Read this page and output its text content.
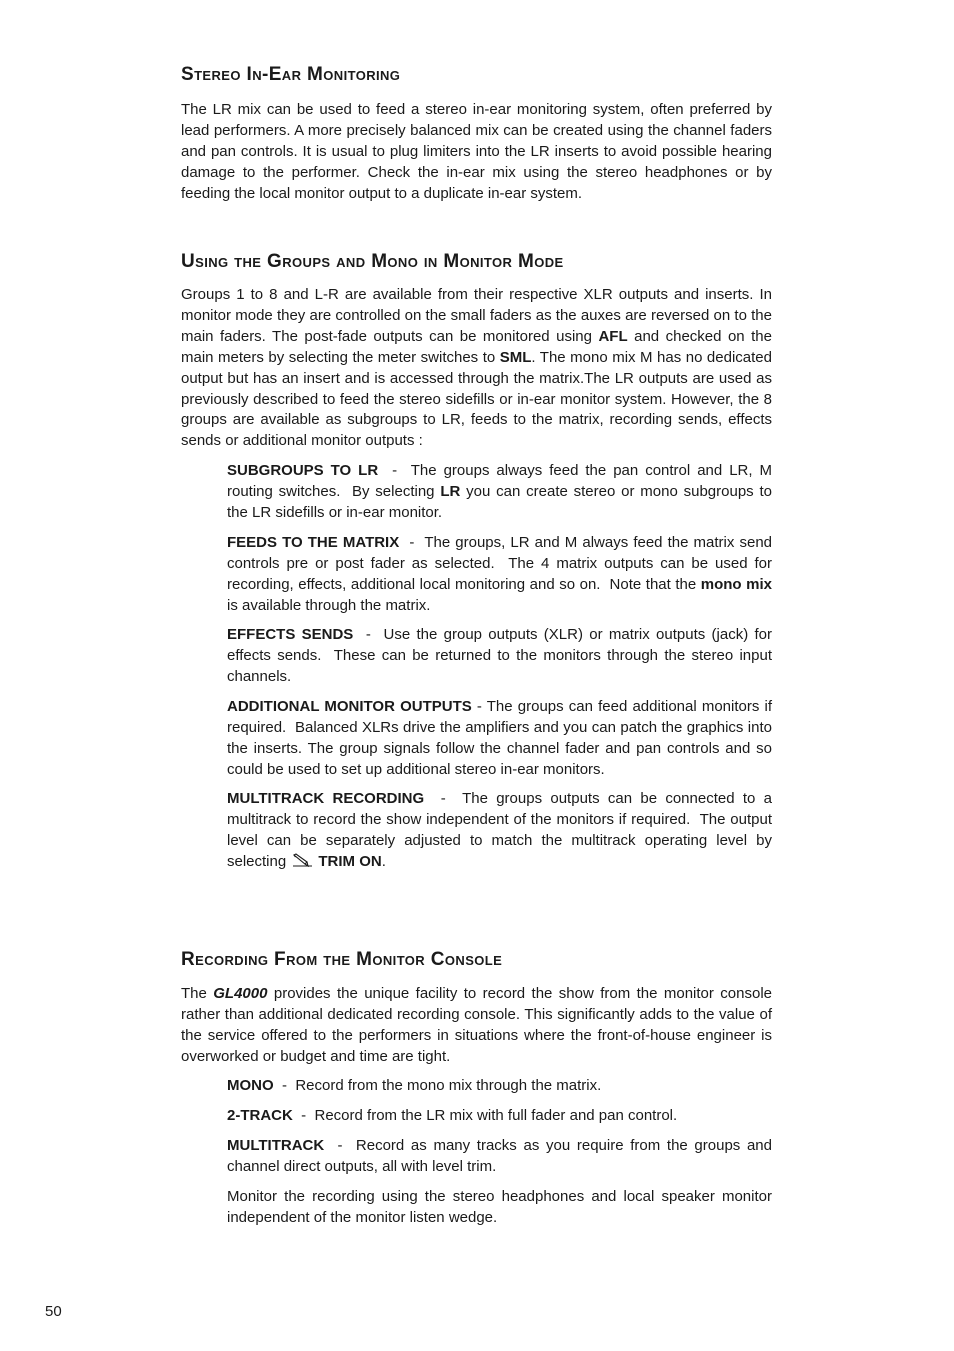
Stereo In-Ear Monitoring

The LR mix can be used to feed a stereo in-ear monitoring system, often preferred by lead performers. A more precisely balanced mix can be created using the channel faders and pan controls. It is usual to plug limiters into the LR inserts to avoid possible hearing damage to the performer. Check the in-ear mix using the stereo headphones or by feeding the local monitor output to a duplicate in-ear system.

Using the Groups and Mono in Monitor Mode

Groups 1 to 8 and L-R are available from their respective XLR outputs and inserts. In monitor mode they are controlled on the small faders as the auxes are reversed on to the main faders. The post-fade outputs can be monitored using AFL and checked on the main meters by selecting the meter switches to SML. The mono mix M has no dedicated output but has an insert and is accessed through the matrix.The LR outputs are used as previously described to feed the stereo sidefills or in-ear monitor system. However, the 8 groups are available as subgroups to LR, feeds to the matrix, recording sends, effects sends or additional monitor outputs :

SUBGROUPS TO LR  -  The groups always feed the pan control and LR, M routing switches.  By selecting LR you can create stereo or mono subgroups to the LR sidefills or in-ear monitor.

FEEDS TO THE MATRIX  -  The groups, LR and M always feed the matrix send controls pre or post fader as selected.  The 4 matrix outputs can be used for recording, effects, additional local monitoring and so on.  Note that the mono mix is available through the matrix.

EFFECTS SENDS  -  Use the group outputs (XLR) or matrix outputs (jack) for effects sends.  These can be returned to the monitors through the stereo input channels.

ADDITIONAL MONITOR OUTPUTS - The groups can feed additional monitors if required.  Balanced XLRs drive the amplifiers and you can patch the graphics into the inserts. The group signals follow the channel fader and pan controls and so could be used to set up additional stereo in-ear monitors.

MULTITRACK RECORDING  -  The groups outputs can be connected to a multitrack to record the show independent of the monitors if required.  The output level can be separately adjusted to match the multitrack operating level by selecting TRIM ON.

Recording From the Monitor Console

The GL4000 provides the unique facility to record the show from the monitor console rather than additional dedicated recording console. This significantly adds to the value of the service offered to the performers in situations where the front-of-house engineer is overworked or budget and time are tight.

MONO  -  Record from the mono mix through the matrix.

2-TRACK  -  Record from the LR mix with full fader and pan control.

MULTITRACK  -  Record as many tracks as you require from the groups and channel direct outputs, all with level trim.

Monitor the recording using the stereo headphones and local speaker monitor independent of the monitor listen wedge.

50
